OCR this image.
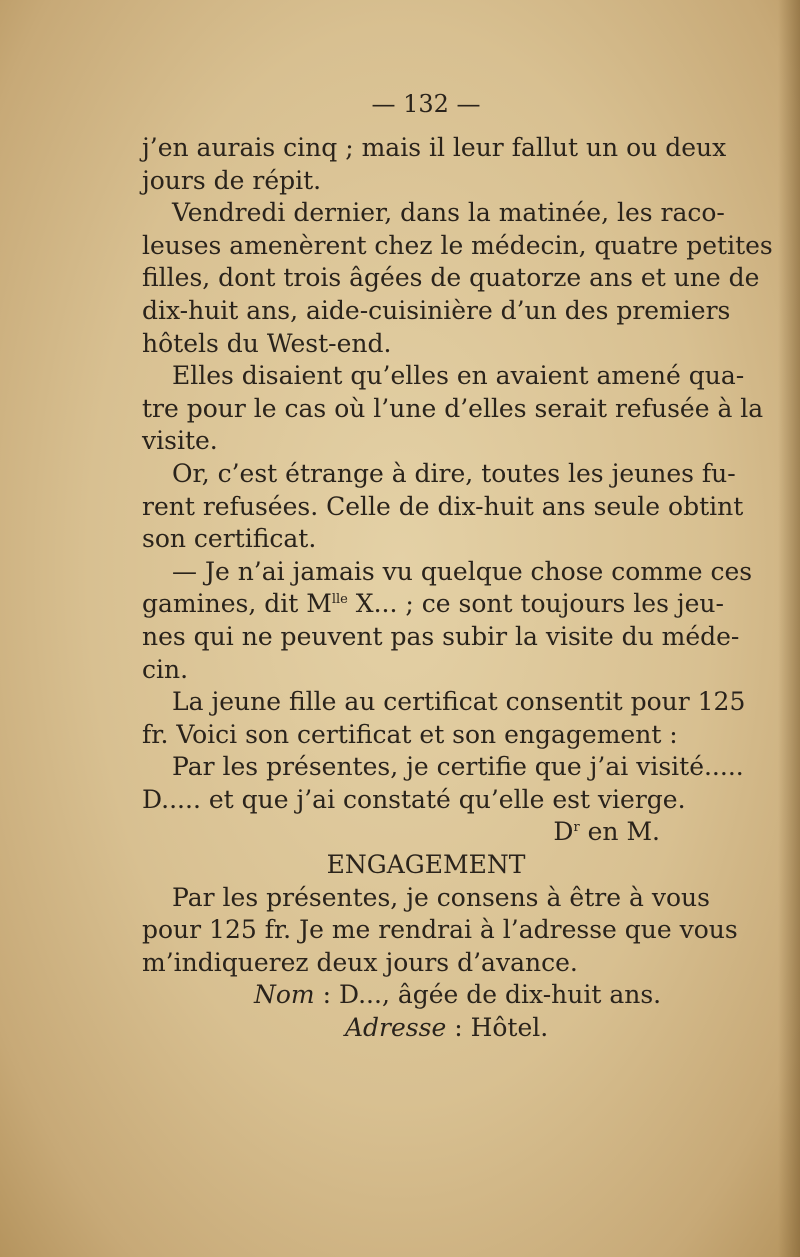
— 132 —
j’en aurais cinq ; mais il leur fallut un ou deux
jours de répit.
Vendredi dernier, dans la matinée, les raco-
leuses amenèrent chez le médecin, quatre petites
filles, dont trois âgées de quatorze ans et une de
dix-huit ans, aide-cuisinière d’un des premiers
hôtels du West-end.
Elles disaient qu’elles en avaient amené qua-
tre pour le cas où l’une d’elles serait refusée à la
visite.
Or, c’est étrange à dire, toutes les jeunes fu-
rent refusées. Celle de dix-huit ans seule obtint
son certificat.
— Je n’ai jamais vu quelque chose comme ces
gamines, dit $M^{lle}$ X... ; ce sont toujours les jeu-
nes qui ne peuvent pas subir la visite du méde-
cin.
La jeune fille au certificat consentit pour 125
fr. Voici son certificat et son engagement :
Par les présentes, je certifie que j’ai visité.....
D..... et que j’ai constaté qu’elle est vierge.
$D^r$ en M.
ENGAGEMENT
Par les présentes, je consens à être à vous
pour 125 fr. Je me rendrai à l’adresse que vous
m’indiquerez deux jours d’avance.
Nom : D..., âgée de dix-huit ans.
Adresse : Hôtel.
